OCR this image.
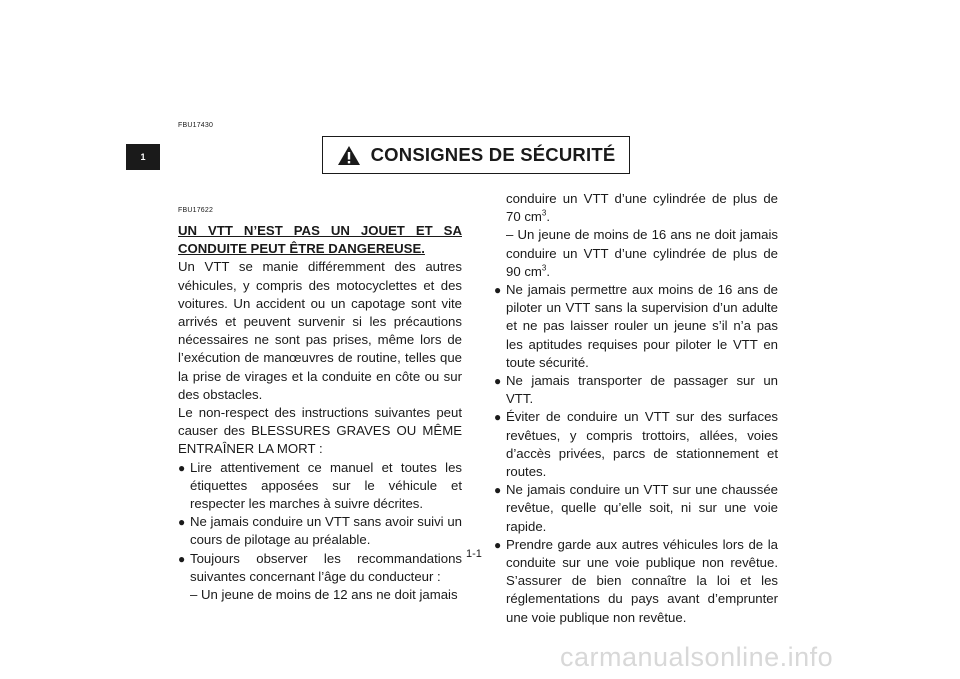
1
FBU17430
CONSIGNES DE SÉCURITÉ
FBU17622

UN VTT N’EST PAS UN JOUET ET SA CONDUITE PEUT ÊTRE DANGEREUSE.

Un VTT se manie différemment des autres véhicules, y compris des motocyclettes et des voitures. Un accident ou un capotage sont vite arrivés et peuvent survenir si les précautions nécessaires ne sont pas prises, même lors de l’exécution de manœuvres de routine, telles que la prise de virages et la conduite en côte ou sur des obstacles.

Le non-respect des instructions suivantes peut causer des BLESSURES GRAVES OU MÊME ENTRAÎNER LA MORT :

● Lire attentivement ce manuel et toutes les étiquettes apposées sur le véhicule et respecter les marches à suivre décrites.
● Ne jamais conduire un VTT sans avoir suivi un cours de pilotage au préalable.
● Toujours observer les recommandations suivantes concernant l’âge du conducteur :

– Un jeune de moins de 12 ans ne doit jamais

conduire un VTT d’une cylindrée de plus de 70 $cm^3$.

– Un jeune de moins de 16 ans ne doit jamais conduire un VTT d’une cylindrée de plus de 90 $cm^3$.

● Ne jamais permettre aux moins de 16 ans de piloter un VTT sans la supervision d’un adulte et ne pas laisser rouler un jeune s’il n’a pas les aptitudes requises pour piloter le VTT en toute sécurité.
● Ne jamais transporter de passager sur un VTT.
● Éviter de conduire un VTT sur des surfaces revêtues, y compris trottoirs, allées, voies d’accès privées, parcs de stationnement et routes.
● Ne jamais conduire un VTT sur une chaussée revêtue, quelle qu’elle soit, ni sur une voie rapide.
● Prendre garde aux autres véhicules lors de la conduite sur une voie publique non revêtue. S’assurer de bien connaître la loi et les réglementations du pays avant d’emprunter une voie publique non revêtue.
1-1
carmanualsonline.info
